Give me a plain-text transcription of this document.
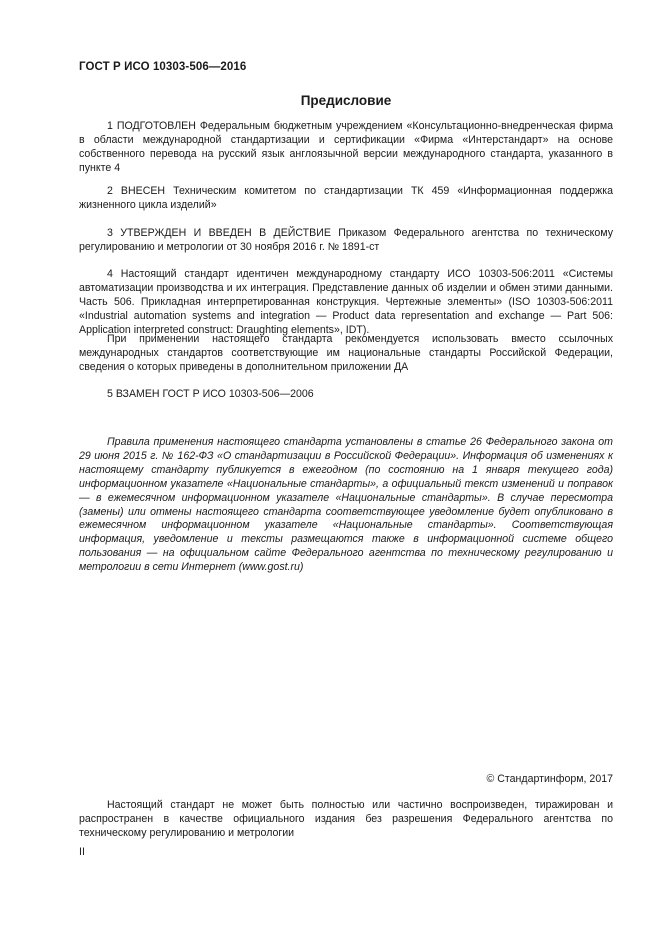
ГОСТ Р ИСО 10303-506—2016
Предисловие

1 ПОДГОТОВЛЕН Федеральным бюджетным учреждением «Консультационно-внедренческая фирма в области международной стандартизации и сертификации «Фирма «Интерстандарт» на основе собственного перевода на русский язык англоязычной версии международного стандарта, указанного в пункте 4

2 ВНЕСЕН Техническим комитетом по стандартизации ТК 459 «Информационная поддержка жизненного цикла изделий»

3 УТВЕРЖДЕН И ВВЕДЕН В ДЕЙСТВИЕ Приказом Федерального агентства по техническому регулированию и метрологии от 30 ноября 2016 г. № 1891-ст

4 Настоящий стандарт идентичен международному стандарту ИСО 10303-506:2011 «Системы автоматизации производства и их интеграция. Представление данных об изделии и обмен этими данными. Часть 506. Прикладная интерпретированная конструкция. Чертежные элементы» (ISO 10303-506:2011 «Industrial automation systems and integration — Product data representation and exchange — Part 506: Application interpreted construct: Draughting elements», IDT).

При применении настоящего стандарта рекомендуется использовать вместо ссылочных международных стандартов соответствующие им национальные стандарты Российской Федерации, сведения о которых приведены в дополнительном приложении ДА

5 ВЗАМЕН ГОСТ Р ИСО 10303-506—2006

Правила применения настоящего стандарта установлены в статье 26 Федерального закона от 29 июня 2015 г. № 162-ФЗ «О стандартизации в Российской Федерации». Информация об изменениях к настоящему стандарту публикуется в ежегодном (по состоянию на 1 января текущего года) информационном указателе «Национальные стандарты», а официальный текст изменений и поправок — в ежемесячном информационном указателе «Национальные стандарты». В случае пересмотра (замены) или отмены настоящего стандарта соответствующее уведомление будет опубликовано в ежемесячном информационном указателе «Национальные стандарты». Соответствующая информация, уведомление и тексты размещаются также в информационной системе общего пользования — на официальном сайте Федерального агентства по техническому регулированию и метрологии в сети Интернет (www.gost.ru)

© Стандартинформ, 2017

Настоящий стандарт не может быть полностью или частично воспроизведен, тиражирован и распространен в качестве официального издания без разрешения Федерального агентства по техническому регулированию и метрологии

II
